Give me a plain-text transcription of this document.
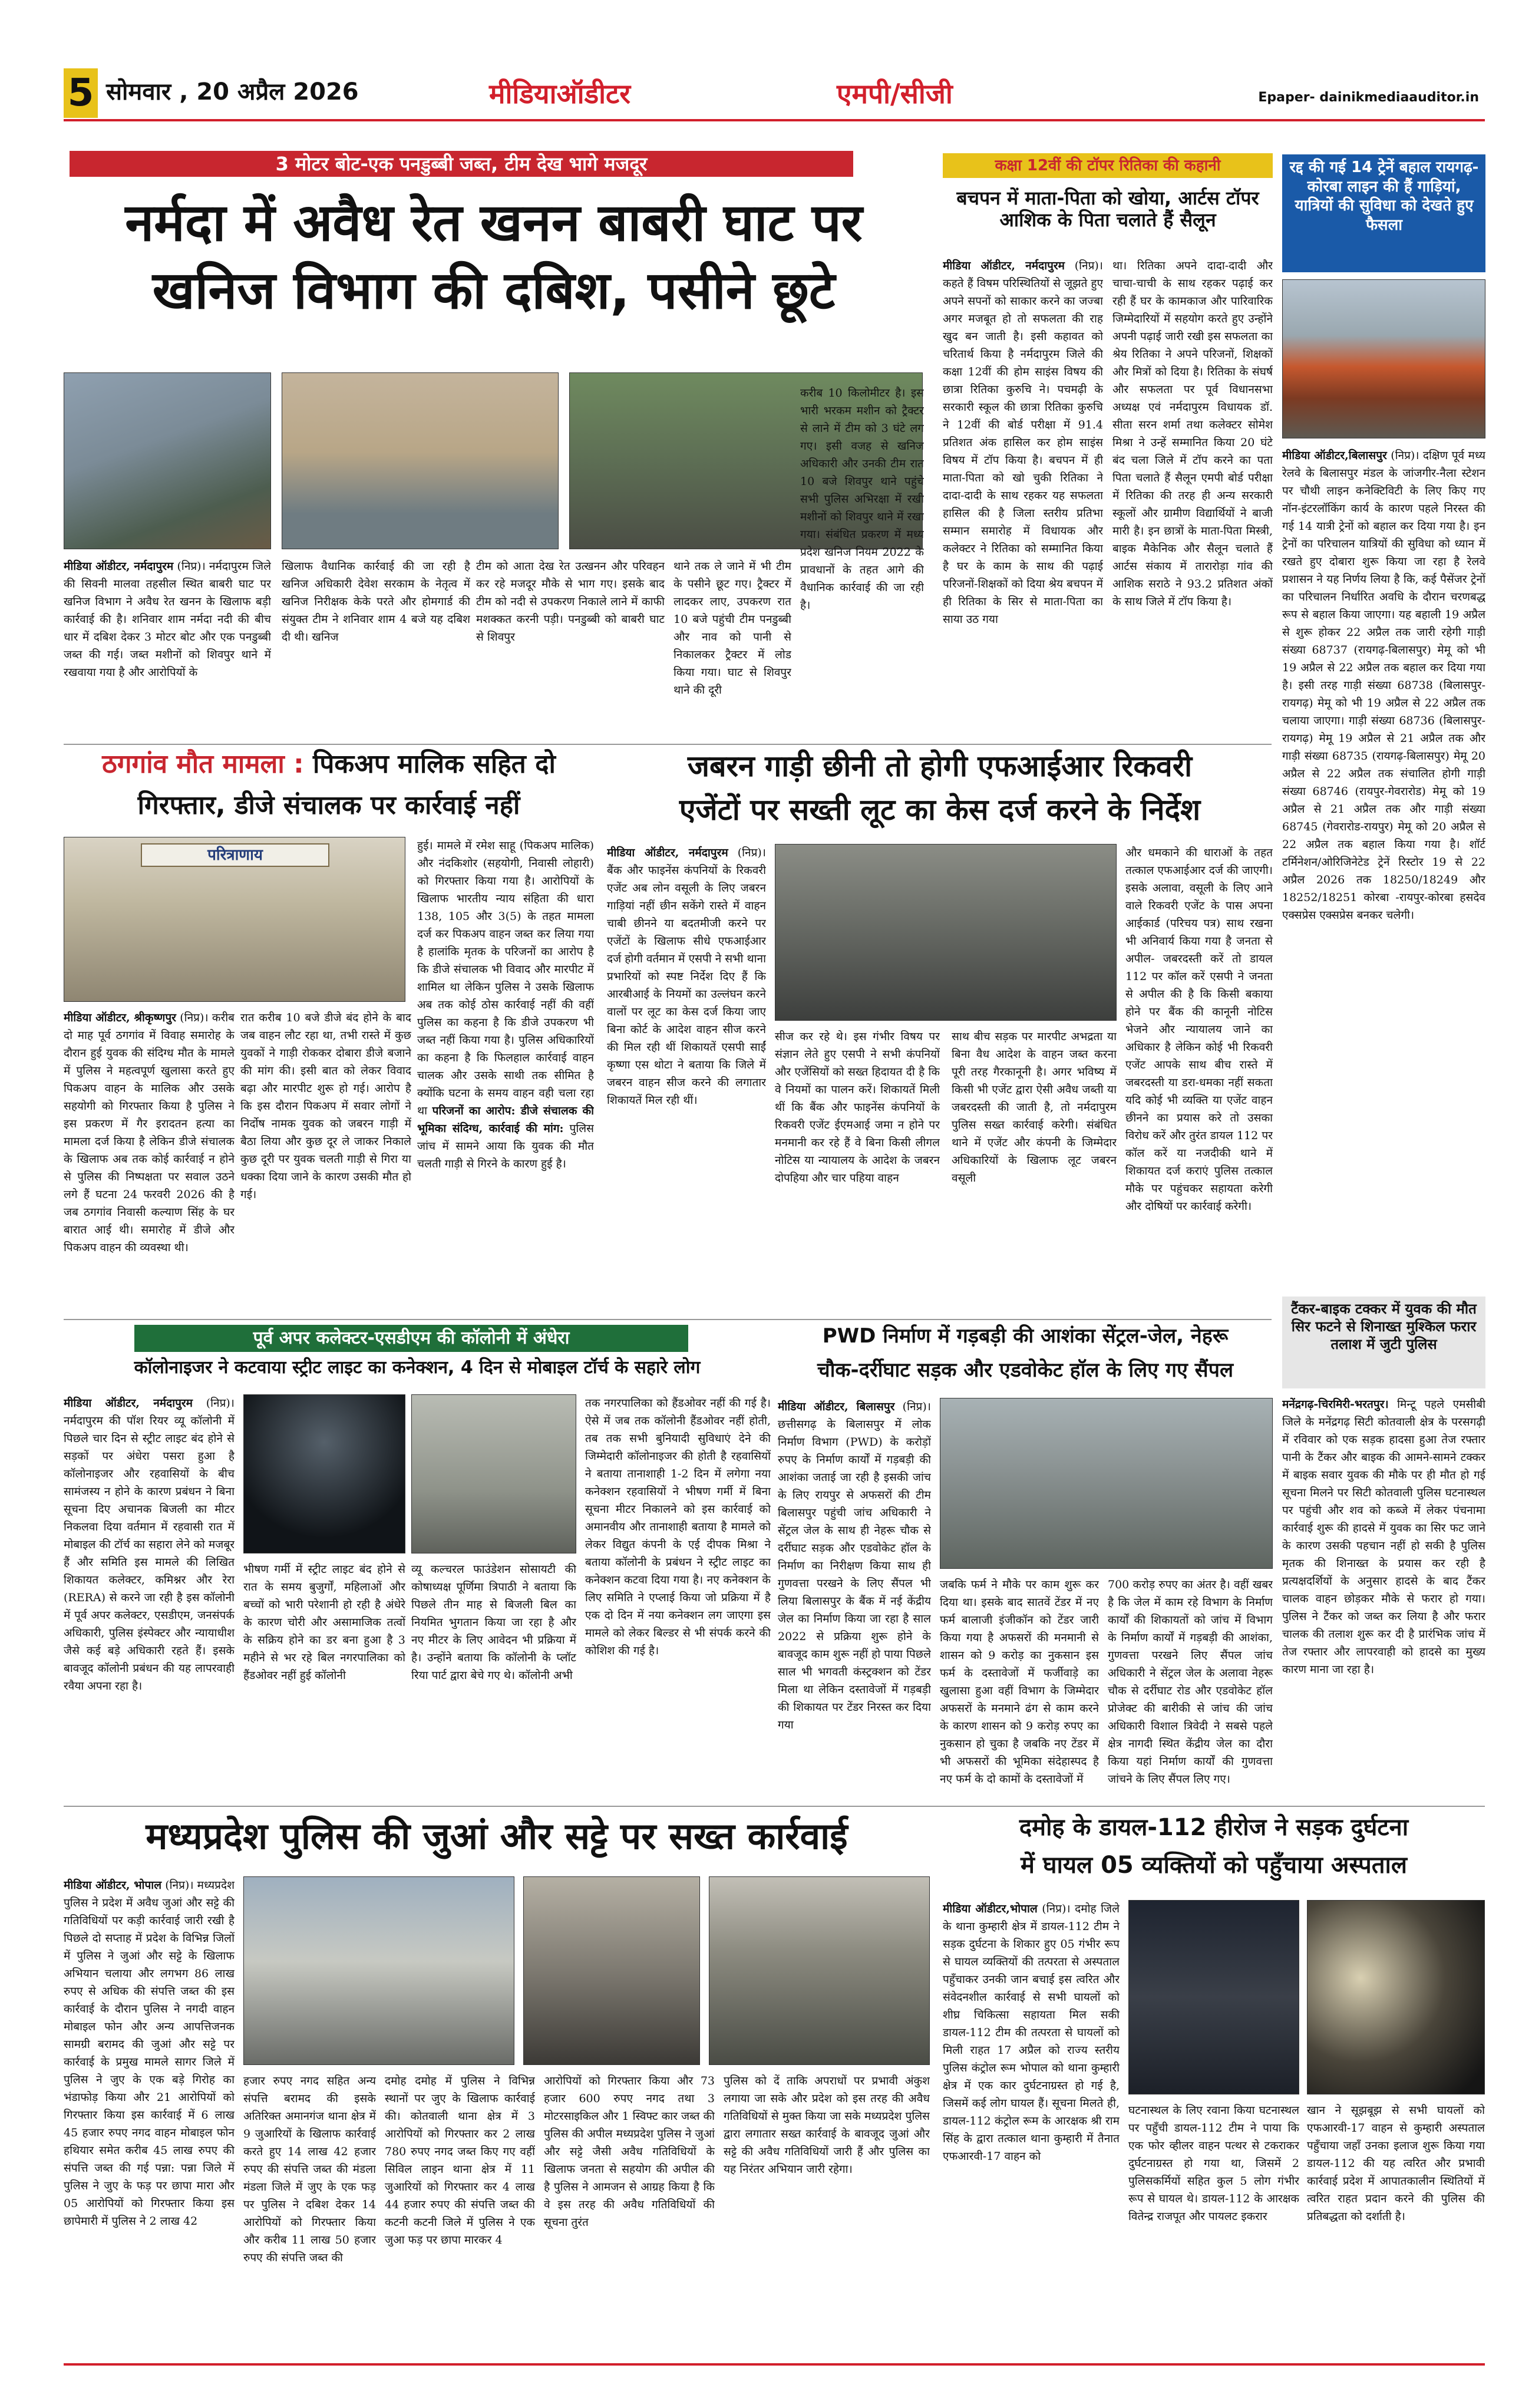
5 सोमवार , 20 अप्रैल 2026	मीडियाऑडीटर	एमपी/सीजी	Epaper- dainikmediaauditor.in
3 मोटर बोट-एक पनडुब्बी जब्त, टीम देख भागे मजदूर
नर्मदा में अवैध रेत खनन बाबरी घाट पर
खनिज विभाग की दबिश, पसीने छूटे
मीडिया ऑडीटर, नर्मदापुरम (निप्र)। नर्मदापुरम जिले की सिवनी मालवा तहसील स्थित बाबरी घाट पर खनिज विभाग ने अवैध रेत खनन के खिलाफ बड़ी कार्रवाई की है। शनिवार शाम नर्मदा नदी की बीच धार में दबिश देकर 3 मोटर बोट और एक पनडुब्बी जब्त की गई। जब्त मशीनों को शिवपुर थाने में रखवाया गया है और आरोपियों के
खिलाफ वैधानिक कार्रवाई की जा रही है खनिज अधिकारी देवेश सरकाम के नेतृत्व में खनिज निरीक्षक केके परते और होमगार्ड की संयुक्त टीम ने शनिवार शाम 4 बजे यह दबिश दी थी। खनिज
टीम को आता देख रेत उत्खनन और परिवहन कर रहे मजदूर मौके से भाग गए। इसके बाद टीम को नदी से उपकरण निकाले लाने में काफी मशक्कत करनी पड़ी। पनडुब्बी को बाबरी घाट से शिवपुर
थाने तक ले जाने में भी टीम के पसीने छूट गए। ट्रैक्टर में लादकर लाए, उपकरण रात 10 बजे पहुंची टीम पनडुब्बी और नाव को पानी से निकालकर ट्रैक्टर में लोड किया गया। घाट से शिवपुर थाने की दूरी
करीब 10 किलोमीटर है। इस भारी भरकम मशीन को ट्रैक्टर से लाने में टीम को 3 घंटे लग गए। इसी वजह से खनिज अधिकारी और उनकी टीम रात 10 बजे शिवपुर थाने पहुंचे सभी पुलिस अभिरक्षा में रखी मशीनों को शिवपुर थाने में रखा गया। संबंधित प्रकरण में मध्य प्रदेश खनिज नियम 2022 के प्रावधानों के तहत आगे की वैधानिक कार्रवाई की जा रही है।
कक्षा 12वीं की टॉपर रितिका की कहानी
बचपन में माता-पिता को खोया, आर्टस टॉपर आशिक के पिता चलाते हैं सैलून
मीडिया ऑडीटर, नर्मदापुरम (निप्र)। कहते हैं विषम परिस्थितियों से जूझते हुए अपने सपनों को साकार करने का जज्बा अगर मजबूत हो तो सफलता की राह खुद बन जाती है। इसी कहावत को चरितार्थ किया है नर्मदापुरम जिले की कक्षा 12वीं की होम साइंस विषय की छात्रा रितिका कुरुचि ने। पचमढ़ी के सरकारी स्कूल की छात्रा रितिका कुरुचि ने 12वीं की बोर्ड परीक्षा में 91.4 प्रतिशत अंक हासिल कर होम साइंस विषय में टॉप किया है। बचपन में ही माता-पिता को खो चुकी रितिका ने दादा-दादी के साथ रहकर यह सफलता हासिल की है जिला स्तरीय प्रतिभा सम्मान समारोह में विधायक और कलेक्टर ने रितिका को सम्मानित किया है घर के काम के साथ की पढ़ाई परिजनों-शिक्षकों को दिया श्रेय बचपन में ही रितिका के सिर से माता-पिता का साया उठ गया
था। रितिका अपने दादा-दादी और चाचा-चाची के साथ रहकर पढ़ाई कर रही हैं घर के कामकाज और पारिवारिक जिम्मेदारियों में सहयोग करते हुए उन्होंने अपनी पढ़ाई जारी रखी इस सफलता का श्रेय रितिका ने अपने परिजनों, शिक्षकों और मित्रों को दिया है। रितिका के संघर्ष और सफलता पर पूर्व विधानसभा अध्यक्ष एवं नर्मदापुरम विधायक डॉ. सीता सरन शर्मा तथा कलेक्टर सोमेश मिश्रा ने उन्हें सम्मानित किया 20 घंटे बंद चला जिले में टॉप करने का पता पिता चलाते हैं सैलून एमपी बोर्ड परीक्षा में रितिका की तरह ही अन्य सरकारी स्कूलों और ग्रामीण विद्यार्थियों ने बाजी मारी है। इन छात्रों के माता-पिता मिस्त्री, बाइक मैकेनिक और सैलून चलाते हैं आर्टस संकाय में तारारोड़ा गांव की आशिक सराठे ने 93.2 प्रतिशत अंकों के साथ जिले में टॉप किया है।
रद्द की गई 14 ट्रेनें बहाल रायगढ़-कोरबा लाइन की हैं गाड़ियां, यात्रियों की सुविधा को देखते हुए फैसला
मीडिया ऑडीटर,बिलासपुर (निप्र)। दक्षिण पूर्व मध्य रेलवे के बिलासपुर मंडल के जांजगीर-नैला स्टेशन पर चौथी लाइन कनेक्टिविटी के लिए किए गए नॉन-इंटरलॉकिंग कार्य के कारण पहले निरस्त की गई 14 यात्री ट्रेनों को बहाल कर दिया गया है। इन ट्रेनों का परिचालन यात्रियों की सुविधा को ध्यान में रखते हुए दोबारा शुरू किया जा रहा है रेलवे प्रशासन ने यह निर्णय लिया है कि, कई पैसेंजर ट्रेनों का परिचालन निर्धारित अवधि के दौरान चरणबद्ध रूप से बहाल किया जाएगा। यह बहाली 19 अप्रैल से शुरू होकर 22 अप्रैल तक जारी रहेगी गाड़ी संख्या 68737 (रायगढ़-बिलासपुर) मेमू को भी 19 अप्रैल से 22 अप्रैल तक बहाल कर दिया गया है। इसी तरह गाड़ी संख्या 68738 (बिलासपुर-रायगढ़) मेमू को भी 19 अप्रैल से 22 अप्रैल तक चलाया जाएगा। गाड़ी संख्या 68736 (बिलासपुर-रायगढ़) मेमू 19 अप्रैल से 21 अप्रैल तक और गाड़ी संख्या 68735 (रायगढ़-बिलासपुर) मेमू 20 अप्रैल से 22 अप्रैल तक संचालित होगी गाड़ी संख्या 68746 (रायपुर-गेवरारोड) मेमू को 19 अप्रैल से 21 अप्रैल तक और गाड़ी संख्या 68745 (गेवरारोड-रायपुर) मेमू को 20 अप्रैल से 22 अप्रैल तक बहाल किया गया है। शॉर्ट टर्मिनेशन/ओरिजिनेटेड ट्रेनें रिस्टोर 19 से 22 अप्रैल 2026 तक 18250/18249 और 18252/18251 कोरबा -रायपुर-कोरबा हसदेव एक्सप्रेस एक्सप्रेस बनकर चलेगी।
ठगगांव मौत मामला : पिकअप मालिक सहित दो
गिरफ्तार, डीजे संचालक पर कार्रवाई नहीं
परित्राणाय
मीडिया ऑडीटर, श्रीकृष्णपुर (निप्र)। करीब दो माह पूर्व ठगगांव में विवाह समारोह के दौरान हुई युवक की संदिग्ध मौत के मामले में पुलिस ने महत्वपूर्ण खुलासा करते हुए पिकअप वाहन के मालिक और उसके सहयोगी को गिरफ्तार किया है पुलिस ने इस प्रकरण में गैर इरादतन हत्या का मामला दर्ज किया है लेकिन डीजे संचालक के खिलाफ अब तक कोई कार्रवाई न होने से पुलिस की निष्पक्षता पर सवाल उठने लगे हैं घटना 24 फरवरी 2026 की है जब ठगगांव निवासी कल्याण सिंह के घर बारात आई थी। समारोह में डीजे और पिकअप वाहन की व्यवस्था थी।
रात करीब 10 बजे डीजे बंद होने के बाद जब वाहन लौट रहा था, तभी रास्ते में कुछ युवकों ने गाड़ी रोककर दोबारा डीजे बजाने की मांग की। इसी बात को लेकर विवाद बढ़ा और मारपीट शुरू हो गई। आरोप है कि इस दौरान पिकअप में सवार लोगों ने निर्दोष नामक युवक को जबरन गाड़ी में बैठा लिया और कुछ दूर ले जाकर निकाले कुछ दूरी पर युवक चलती गाड़ी से गिरा या धक्का दिया जाने के कारण उसकी मौत हो गई।
हुई। मामले में रमेश साहू (पिकअप मालिक) और नंदकिशोर (सहयोगी, निवासी लोहारी) को गिरफ्तार किया गया है। आरोपियों के खिलाफ भारतीय न्याय संहिता की धारा 138, 105 और 3(5) के तहत मामला दर्ज कर पिकअप वाहन जब्त कर लिया गया है हालांकि मृतक के परिजनों का आरोप है कि डीजे संचालक भी विवाद और मारपीट में शामिल था लेकिन पुलिस ने उसके खिलाफ अब तक कोई ठोस कार्रवाई नहीं की वहीं पुलिस का कहना है कि डीजे उपकरण भी जब्त नहीं किया गया है। पुलिस अधिकारियों का कहना है कि फिलहाल कार्रवाई वाहन चालक और उसके साथी तक सीमित है क्योंकि घटना के समय वाहन वही चला रहा था परिजनों का आरोप: डीजे संचालक की भूमिका संदिग्ध, कार्रवाई की मांग: पुलिस जांच में सामने आया कि युवक की मौत चलती गाड़ी से गिरने के कारण हुई है।
जबरन गाड़ी छीनी तो होगी एफआईआर रिकवरी
एजेंटों पर सख्ती लूट का केस दर्ज करने के निर्देश
मीडिया ऑडीटर, नर्मदापुरम (निप्र)। बैंक और फाइनेंस कंपनियों के रिकवरी एजेंट अब लोन वसूली के लिए जबरन गाड़ियां नहीं छीन सकेंगे रास्ते में वाहन चाबी छीनने या बदतमीजी करने पर एजेंटों के खिलाफ सीधे एफआईआर दर्ज होगी वर्तमान में एसपी ने सभी थाना प्रभारियों को स्पष्ट निर्देश दिए हैं कि आरबीआई के नियमों का उल्लंघन करने वालों पर लूट का केस दर्ज किया जाए बिना कोर्ट के आदेश वाहन सीज करने की मिल रही थीं शिकायतें एसपी साईं कृष्णा एस थोटा ने बताया कि जिले में जबरन वाहन सीज करने की लगातार शिकायतें मिल रही थीं।
सीज कर रहे थे। इस गंभीर विषय पर संज्ञान लेते हुए एसपी ने सभी कंपनियों और एजेंसियों को सख्त हिदायत दी है कि वे नियमों का पालन करें। शिकायतें मिली थीं कि बैंक और फाइनेंस कंपनियों के रिकवरी एजेंट ईएमआई जमा न होने पर मनमानी कर रहे हैं वे बिना किसी लीगल नोटिस या न्यायालय के आदेश के जबरन दोपहिया और चार पहिया वाहन
साथ बीच सड़क पर मारपीट अभद्रता या बिना वैध आदेश के वाहन जब्त करना पूरी तरह गैरकानूनी है। अगर भविष्य में किसी भी एजेंट द्वारा ऐसी अवैध जब्ती या जबरदस्ती की जाती है, तो नर्मदापुरम पुलिस सख्त कार्रवाई करेगी। संबंधित थाने में एजेंट और कंपनी के जिम्मेदार अधिकारियों के खिलाफ लूट जबरन वसूली
और धमकाने की धाराओं के तहत तत्काल एफआईआर दर्ज की जाएगी। इसके अलावा, वसूली के लिए आने वाले रिकवरी एजेंट के पास अपना आईकार्ड (परिचय पत्र) साथ रखना भी अनिवार्य किया गया है जनता से अपील- जबरदस्ती करें तो डायल 112 पर कॉल करें एसपी ने जनता से अपील की है कि किसी बकाया होने पर बैंक की कानूनी नोटिस भेजने और न्यायालय जाने का अधिकार है लेकिन कोई भी रिकवरी एजेंट आपके साथ बीच रास्ते में जबरदस्ती या डरा-धमका नहीं सकता यदि कोई भी व्यक्ति या एजेंट वाहन छीनने का प्रयास करे तो उसका विरोध करें और तुरंत डायल 112 पर कॉल करें या नजदीकी थाने में शिकायत दर्ज कराएं पुलिस तत्काल मौके पर पहुंचकर सहायता करेगी और दोषियों पर कार्रवाई करेगी।
पूर्व अपर कलेक्टर-एसडीएम की कॉलोनी में अंधेरा
कॉलोनाइजर ने कटवाया स्ट्रीट लाइट का कनेक्शन, 4 दिन से मोबाइल टॉर्च के सहारे लोग
मीडिया ऑडीटर, नर्मदापुरम (निप्र)। नर्मदापुरम की पॉश रियर व्यू कॉलोनी में पिछले चार दिन से स्ट्रीट लाइट बंद होने से सड़कों पर अंधेरा पसरा हुआ है कॉलोनाइजर और रहवासियों के बीच सामंजस्य न होने के कारण प्रबंधन ने बिना सूचना दिए अचानक बिजली का मीटर निकलवा दिया वर्तमान में रहवासी रात में मोबाइल की टॉर्च का सहारा लेने को मजबूर हैं और समिति इस मामले की लिखित शिकायत कलेक्टर, कमिश्नर और रेरा (RERA) से करने जा रही है इस कॉलोनी में पूर्व अपर कलेक्टर, एसडीएम, जनसंपर्क अधिकारी, पुलिस इंस्पेक्टर और न्यायाधीश जैसे कई बड़े अधिकारी रहते हैं। इसके बावजूद कॉलोनी प्रबंधन की यह लापरवाही रवैया अपना रहा है।
भीषण गर्मी में स्ट्रीट लाइट बंद होने से रात के समय बुजुर्गों, महिलाओं और बच्चों को भारी परेशानी हो रही है अंधेरे के कारण चोरी और असामाजिक तत्वों के सक्रिय होने का डर बना हुआ है 3 महीने से भर रहे बिल नगरपालिका को हैंडओवर नहीं हुई कॉलोनी
व्यू कल्चरल फाउंडेशन सोसायटी की कोषाध्यक्ष पूर्णिमा त्रिपाठी ने बताया कि पिछले तीन माह से बिजली बिल का नियमित भुगतान किया जा रहा है और नए मीटर के लिए आवेदन भी प्रक्रिया में है। उन्होंने बताया कि कॉलोनी के प्लॉट रिया पार्ट द्वारा बेचे गए थे। कॉलोनी अभी
तक नगरपालिका को हैंडओवर नहीं की गई है। ऐसे में जब तक कॉलोनी हैंडओवर नहीं होती, तब तक सभी बुनियादी सुविधाएं देने की जिम्मेदारी कॉलोनाइजर की होती है रहवासियों ने बताया तानाशाही 1-2 दिन में लगेगा नया कनेक्शन रहवासियों ने भीषण गर्मी में बिना सूचना मीटर निकालने को इस कार्रवाई को अमानवीय और तानाशाही बताया है मामले को लेकर विद्युत कंपनी के एई दीपक मिश्रा ने बताया कॉलोनी के प्रबंधन ने स्ट्रीट लाइट का कनेक्शन कटवा दिया गया है। नए कनेक्शन के लिए समिति ने एप्लाई किया जो प्रक्रिया में है एक दो दिन में नया कनेक्शन लग जाएगा इस मामले को लेकर बिल्डर से भी संपर्क करने की कोशिश की गई है।
PWD निर्माण में गड़बड़ी की आशंका सेंट्रल-जेल, नेहरू
चौक-दर्रीघाट सड़क और एडवोकेट हॉल के लिए गए सैंपल
मीडिया ऑडीटर, बिलासपुर (निप्र)। छत्तीसगढ़ के बिलासपुर में लोक निर्माण विभाग (PWD) के करोड़ों रुपए के निर्माण कार्यों में गड़बड़ी की आशंका जताई जा रही है इसकी जांच के लिए रायपुर से अफसरों की टीम बिलासपुर पहुंची जांच अधिकारी ने सेंट्रल जेल के साथ ही नेहरू चौक से दर्रीघाट सड़क और एडवोकेट हॉल के निर्माण का निरीक्षण किया साथ ही गुणवत्ता परखने के लिए सैंपल भी लिया बिलासपुर के बैंक में नई केंद्रीय जेल का निर्माण किया जा रहा है साल 2022 से प्रक्रिया शुरू होने के बावजूद काम शुरू नहीं हो पाया पिछले साल भी भगवती कंस्ट्रक्शन को टेंडर मिला था लेकिन दस्तावेजों में गड़बड़ी की शिकायत पर टेंडर निरस्त कर दिया गया
जबकि फर्म ने मौके पर काम शुरू कर दिया था। इसके बाद सातवें टेंडर में नए फर्म बालाजी इंजीकॉन को टेंडर जारी किया गया है अफसरों की मनमानी से शासन को 9 करोड़ का नुकसान इस फर्म के दस्तावेजों में फर्जीवाड़े का खुलासा हुआ वहीं विभाग के जिम्मेदार अफसरों के मनमाने ढंग से काम करने के कारण शासन को 9 करोड़ रुपए का नुकसान हो चुका है जबकि नए टेंडर में भी अफसरों की भूमिका संदेहास्पद है नए फर्म के दो कामों के दस्तावेजों में
700 करोड़ रुपए का अंतर है। वहीं खबर है कि जेल में काम रहे विभाग के निर्माण कार्यों की शिकायतों को जांच में विभाग के निर्माण कार्यों में गड़बड़ी की आशंका, गुणवत्ता परखने लिए सैंपल जांच अधिकारी ने सेंट्रल जेल के अलावा नेहरू चौक से दर्रीघाट रोड और एडवोकेट हॉल प्रोजेक्ट की बारीकी से जांच की जांच अधिकारी विशाल त्रिवेदी ने सबसे पहले क्षेत्र नागदी स्थित केंद्रीय जेल का दौरा किया यहां निर्माण कार्यों की गुणवत्ता जांचने के लिए सैंपल लिए गए।
टैंकर-बाइक टक्कर में युवक की मौत सिर फटने से शिनाख्त मुश्किल फरार तलाश में जुटी पुलिस
मनेंद्रगढ़-चिरमिरी-भरतपुर। मिन्टू पहले एमसीबी जिले के मनेंद्रगढ़ सिटी कोतवाली क्षेत्र के परसगढ़ी में रविवार को एक सड़क हादसा हुआ तेज रफ्तार पानी के टैंकर और बाइक की आमने-सामने टक्कर में बाइक सवार युवक की मौके पर ही मौत हो गई सूचना मिलने पर सिटी कोतवाली पुलिस घटनास्थल पर पहुंची और शव को कब्जे में लेकर पंचनामा कार्रवाई शुरू की हादसे में युवक का सिर फट जाने के कारण उसकी पहचान नहीं हो सकी है पुलिस मृतक की शिनाख्त के प्रयास कर रही है प्रत्यक्षदर्शियों के अनुसार हादसे के बाद टैंकर चालक वाहन छोड़कर मौके से फरार हो गया। पुलिस ने टैंकर को जब्त कर लिया है और फरार चालक की तलाश शुरू कर दी है प्रारंभिक जांच में तेज रफ्तार और लापरवाही को हादसे का मुख्य कारण माना जा रहा है।
मध्यप्रदेश पुलिस की जुआं और सट्टे पर सख्त कार्रवाई
मीडिया ऑडीटर, भोपाल (निप्र)। मध्यप्रदेश पुलिस ने प्रदेश में अवैध जुआं और सट्टे की गतिविधियों पर कड़ी कार्रवाई जारी रखी है पिछले दो सप्ताह में प्रदेश के विभिन्न जिलों में पुलिस ने जुआं और सट्टे के खिलाफ अभियान चलाया और लगभग 86 लाख रुपए से अधिक की संपत्ति जब्त की इस कार्रवाई के दौरान पुलिस ने नगदी वाहन मोबाइल फोन और अन्य आपत्तिजनक सामग्री बरामद की जुआं और सट्टे पर कार्रवाई के प्रमुख मामले सागर जिले में पुलिस ने जुए के एक बड़े गिरोह का भंडाफोड़ किया और 21 आरोपियों को गिरफ्तार किया इस कार्रवाई में 6 लाख 45 हजार रुपए नगद वाहन मोबाइल फोन हथियार समेत करीब 45 लाख रुपए की संपत्ति जब्त की गई पन्ना: पन्ना जिले में पुलिस ने जुए के फड़ पर छापा मारा और 05 आरोपियों को गिरफ्तार किया इस छापेमारी में पुलिस ने 2 लाख 42
हजार रुपए नगद सहित अन्य संपत्ति बरामद की इसके अतिरिक्त अमानगंज थाना क्षेत्र में 9 जुआरियों के खिलाफ कार्रवाई करते हुए 14 लाख 42 हजार रुपए की संपत्ति जब्त की मंडला मंडला जिले में जुए के एक फड़ पर पुलिस ने दबिश देकर 14 आरोपियों को गिरफ्तार किया और करीब 11 लाख 50 हजार रुपए की संपत्ति जब्त की
दमोह दमोह में पुलिस ने विभिन्न स्थानों पर जुए के खिलाफ कार्रवाई की। कोतवाली थाना क्षेत्र में 3 आरोपियों को गिरफ्तार कर 2 लाख 780 रुपए नगद जब्त किए गए वहीं सिविल लाइन थाना क्षेत्र में 11 जुआरियों को गिरफ्तार कर 4 लाख 44 हजार रुपए की संपत्ति जब्त की कटनी कटनी जिले में पुलिस ने एक जुआ फड़ पर छापा मारकर 4
आरोपियों को गिरफ्तार किया और 73 हजार 600 रुपए नगद तथा 3 मोटरसाइकिल और 1 स्विफ्ट कार जब्त की पुलिस की अपील मध्यप्रदेश पुलिस ने जुआं और सट्टे जैसी अवैध गतिविधियों के खिलाफ जनता से सहयोग की अपील की है पुलिस ने आमजन से आग्रह किया है कि वे इस तरह की अवैध गतिविधियों की सूचना तुरंत
पुलिस को दें ताकि अपराधों पर प्रभावी अंकुश लगाया जा सके और प्रदेश को इस तरह की अवैध गतिविधियों से मुक्त किया जा सके मध्यप्रदेश पुलिस द्वारा लगातार सख्त कार्रवाई के बावजूद जुआं और सट्टे की अवैध गतिविधियों जारी हैं और पुलिस का यह निरंतर अभियान जारी रहेगा।
दमोह के डायल-112 हीरोज ने सड़क दुर्घटना
में घायल 05 व्यक्तियों को पहुँचाया अस्पताल
मीडिया ऑडीटर,भोपाल (निप्र)। दमोह जिले के थाना कुम्हारी क्षेत्र में डायल-112 टीम ने सड़क दुर्घटना के शिकार हुए 05 गंभीर रूप से घायल व्यक्तियों की तत्परता से अस्पताल पहुँचाकर उनकी जान बचाई इस त्वरित और संवेदनशील कार्रवाई से सभी घायलों को शीघ्र चिकित्सा सहायता मिल सकी डायल-112 टीम की तत्परता से घायलों को मिली राहत 17 अप्रैल को राज्य स्तरीय पुलिस कंट्रोल रूम भोपाल को थाना कुम्हारी क्षेत्र में एक कार दुर्घटनाग्रस्त हो गई है, जिसमें कई लोग घायल हैं। सूचना मिलते ही, डायल-112 कंट्रोल रूम के आरक्षक श्री राम सिंह के द्वारा तत्काल थाना कुम्हारी में तैनात एफआरवी-17 वाहन को
घटनास्थल के लिए रवाना किया घटनास्थल पर पहुँची डायल-112 टीम ने पाया कि एक फोर व्हीलर वाहन पत्थर से टकराकर दुर्घटनाग्रस्त हो गया था, जिसमें 2 पुलिसकर्मियों सहित कुल 5 लोग गंभीर रूप से घायल थे। डायल-112 के आरक्षक वितेन्द्र राजपूत और पायलट इकरार
खान ने सूझबूझ से सभी घायलों को एफआरवी-17 वाहन से कुम्हारी अस्पताल पहुँचाया जहाँ उनका इलाज शुरू किया गया डायल-112 की यह त्वरित और प्रभावी कार्रवाई प्रदेश में आपातकालीन स्थितियों में त्वरित राहत प्रदान करने की पुलिस की प्रतिबद्धता को दर्शाती है।
